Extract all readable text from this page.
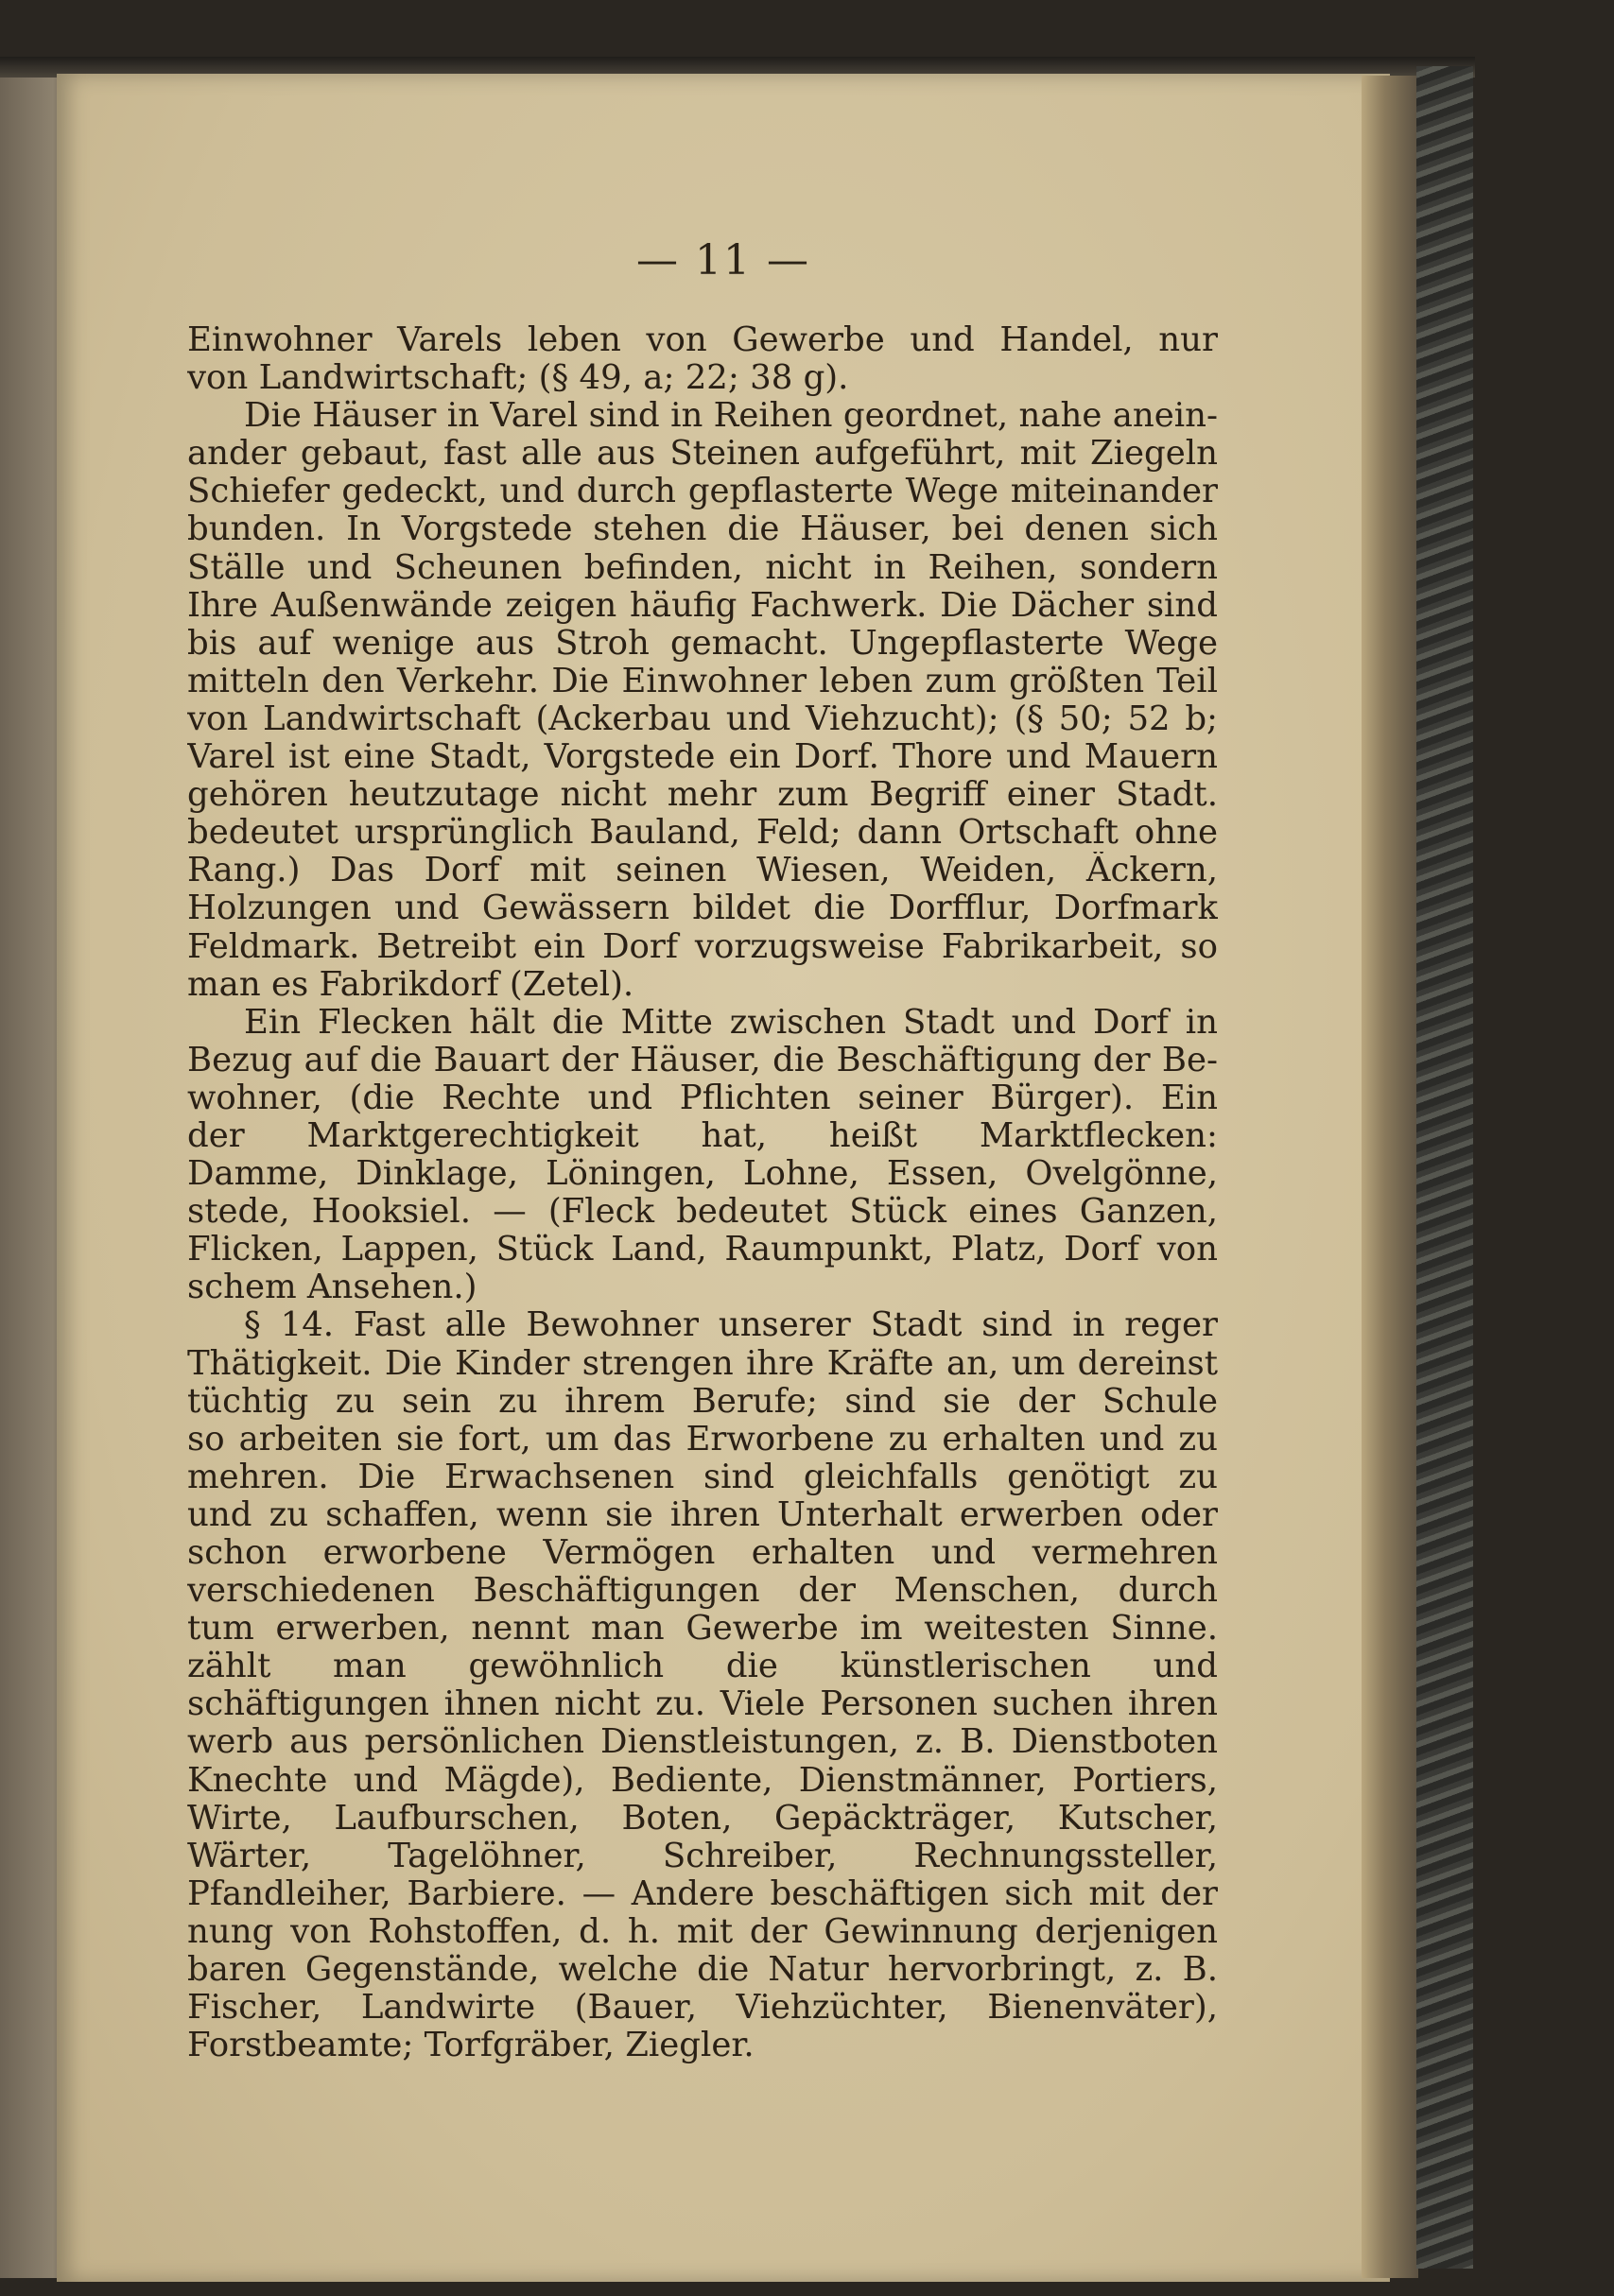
— 11 —
Einwohner Varels leben von Gewerbe und Handel, nur
von Landwirtschaft; (§ 49, a; 22; 38 g).
Die Häuser in Varel sind in Reihen geordnet, nahe anein-
ander gebaut, fast alle aus Steinen aufgeführt, mit Ziegeln
Schiefer gedeckt, und durch gepflasterte Wege miteinander
bunden. In Vorgstede stehen die Häuser, bei denen sich
Ställe und Scheunen befinden, nicht in Reihen, sondern
Ihre Außenwände zeigen häufig Fachwerk. Die Dächer sind
bis auf wenige aus Stroh gemacht. Ungepflasterte Wege
mitteln den Verkehr. Die Einwohner leben zum größten Teil
von Landwirtschaft (Ackerbau und Viehzucht); (§ 50; 52 b;
Varel ist eine Stadt, Vorgstede ein Dorf. Thore und Mauern
gehören heutzutage nicht mehr zum Begriff einer Stadt.
bedeutet ursprünglich Bauland, Feld; dann Ortschaft ohne
Rang.) Das Dorf mit seinen Wiesen, Weiden, Äckern,
Holzungen und Gewässern bildet die Dorfflur, Dorfmark
Feldmark. Betreibt ein Dorf vorzugsweise Fabrikarbeit, so
man es Fabrikdorf (Zetel).
Ein Flecken hält die Mitte zwischen Stadt und Dorf in
Bezug auf die Bauart der Häuser, die Beschäftigung der Be-
wohner, (die Rechte und Pflichten seiner Bürger). Ein
der Marktgerechtigkeit hat, heißt Marktflecken:
Damme, Dinklage, Löningen, Lohne, Essen, Ovelgönne,
stede, Hooksiel. — (Fleck bedeutet Stück eines Ganzen,
Flicken, Lappen, Stück Land, Raumpunkt, Platz, Dorf von
schem Ansehen.)
§ 14. Fast alle Bewohner unserer Stadt sind in reger
Thätigkeit. Die Kinder strengen ihre Kräfte an, um dereinst
tüchtig zu sein zu ihrem Berufe; sind sie der Schule
so arbeiten sie fort, um das Erworbene zu erhalten und zu
mehren. Die Erwachsenen sind gleichfalls genötigt zu
und zu schaffen, wenn sie ihren Unterhalt erwerben oder
schon erworbene Vermögen erhalten und vermehren
verschiedenen Beschäftigungen der Menschen, durch
tum erwerben, nennt man Gewerbe im weitesten Sinne.
zählt man gewöhnlich die künstlerischen und
schäftigungen ihnen nicht zu. Viele Personen suchen ihren
werb aus persönlichen Dienstleistungen, z. B. Dienstboten
Knechte und Mägde), Bediente, Dienstmänner, Portiers,
Wirte, Laufburschen, Boten, Gepäckträger, Kutscher,
Wärter, Tagelöhner, Schreiber, Rechnungssteller,
Pfandleiher, Barbiere. — Andere beschäftigen sich mit der
nung von Rohstoffen, d. h. mit der Gewinnung derjenigen
baren Gegenstände, welche die Natur hervorbringt, z. B.
Fischer, Landwirte (Bauer, Viehzüchter, Bienenväter),
Forstbeamte; Torfgräber, Ziegler.
